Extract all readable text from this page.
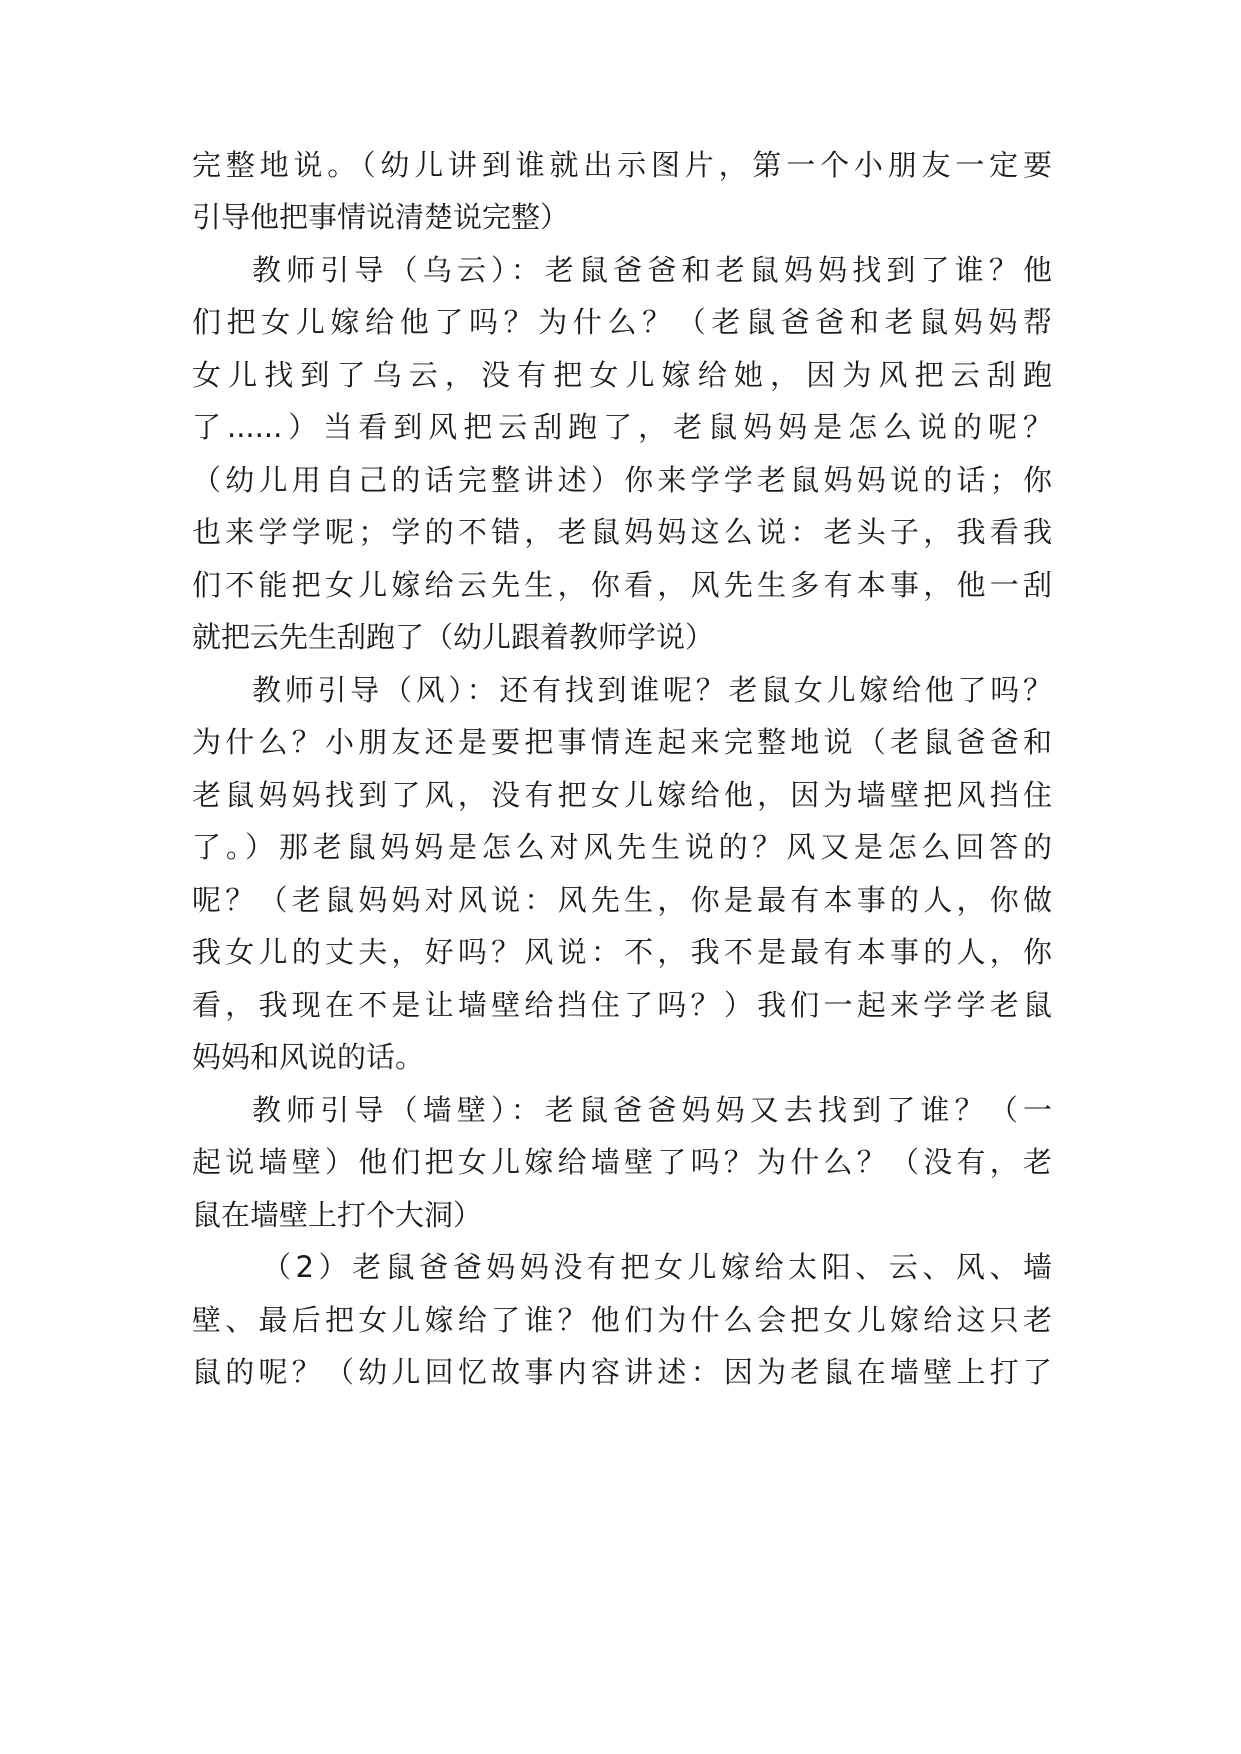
完整地说。（幼儿讲到谁就出示图片，第一个小朋友一定要
引导他把事情说清楚说完整）
教师引导（乌云）：老鼠爸爸和老鼠妈妈找到了谁？他
们把女儿嫁给他了吗？为什么？（老鼠爸爸和老鼠妈妈帮
女儿找到了乌云，没有把女儿嫁给她，因为风把云刮跑
了......）当看到风把云刮跑了，老鼠妈妈是怎么说的呢？
（幼儿用自己的话完整讲述）你来学学老鼠妈妈说的话；你
也来学学呢；学的不错，老鼠妈妈这么说：老头子，我看我
们不能把女儿嫁给云先生，你看，风先生多有本事，他一刮
就把云先生刮跑了（幼儿跟着教师学说）
教师引导（风）：还有找到谁呢？老鼠女儿嫁给他了吗？
为什么？小朋友还是要把事情连起来完整地说（老鼠爸爸和
老鼠妈妈找到了风，没有把女儿嫁给他，因为墙壁把风挡住
了。）那老鼠妈妈是怎么对风先生说的？风又是怎么回答的
呢？（老鼠妈妈对风说：风先生，你是最有本事的人，你做
我女儿的丈夫，好吗？风说：不，我不是最有本事的人，你
看，我现在不是让墙壁给挡住了吗？）我们一起来学学老鼠
妈妈和风说的话。
教师引导（墙壁）：老鼠爸爸妈妈又去找到了谁？（一
起说墙壁）他们把女儿嫁给墙壁了吗？为什么？（没有，老
鼠在墙壁上打个大洞）
（2）老鼠爸爸妈妈没有把女儿嫁给太阳、云、风、墙
壁、最后把女儿嫁给了谁？他们为什么会把女儿嫁给这只老
鼠的呢？（幼儿回忆故事内容讲述：因为老鼠在墙壁上打了
